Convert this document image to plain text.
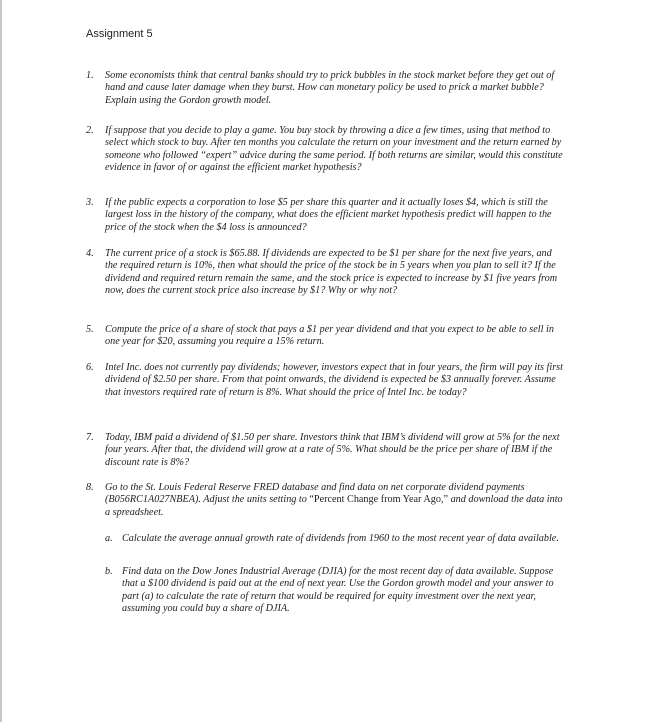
Assignment 5
1.	Some economists think that central banks should try to prick bubbles in the stock market before they get out of hand and cause later damage when they burst. How can monetary policy be used to prick a market bubble? Explain using the Gordon growth model.
2.	If suppose that you decide to play a game. You buy stock by throwing a dice a few times, using that method to select which stock to buy. After ten months you calculate the return on your investment and the return earned by someone who followed “expert” advice during the same period. If both returns are similar, would this constitute evidence in favor of or against the efficient market hypothesis?
3.	If the public expects a corporation to lose $5 per share this quarter and it actually loses $4, which is still the largest loss in the history of the company, what does the efficient market hypothesis predict will happen to the price of the stock when the $4 loss is announced?
4.	The current price of a stock is $65.88. If dividends are expected to be $1 per share for the next five years, and the required return is 10%, then what should the price of the stock be in 5 years when you plan to sell it? If the dividend and required return remain the same, and the stock price is expected to increase by $1 five years from now, does the current stock price also increase by $1? Why or why not?
5.	Compute the price of a share of stock that pays a $1 per year dividend and that you expect to be able to sell in one year for $20, assuming you require a 15% return.
6.	Intel Inc. does not currently pay dividends; however, investors expect that in four years, the firm will pay its first dividend of $2.50 per share. From that point onwards, the dividend is expected be $3 annually forever. Assume that investors required rate of return is 8%. What should the price of Intel Inc. be today?
7.	Today, IBM paid a dividend of $1.50 per share. Investors think that IBM’s dividend will grow at 5% for the next four years. After that, the dividend will grow at a rate of 5%. What should be the price per share of IBM if the discount rate is 8%?
8.	Go to the St. Louis Federal Reserve FRED database and find data on net corporate dividend payments (B056RC1A027NBEA). Adjust the units setting to “Percent Change from Year Ago,” and download the data into a spreadsheet.
a. Calculate the average annual growth rate of dividends from 1960 to the most recent year of data available.
b. Find data on the Dow Jones Industrial Average (DJIA) for the most recent day of data available. Suppose that a $100 dividend is paid out at the end of next year. Use the Gordon growth model and your answer to part (a) to calculate the rate of return that would be required for equity investment over the next year, assuming you could buy a share of DJIA.
